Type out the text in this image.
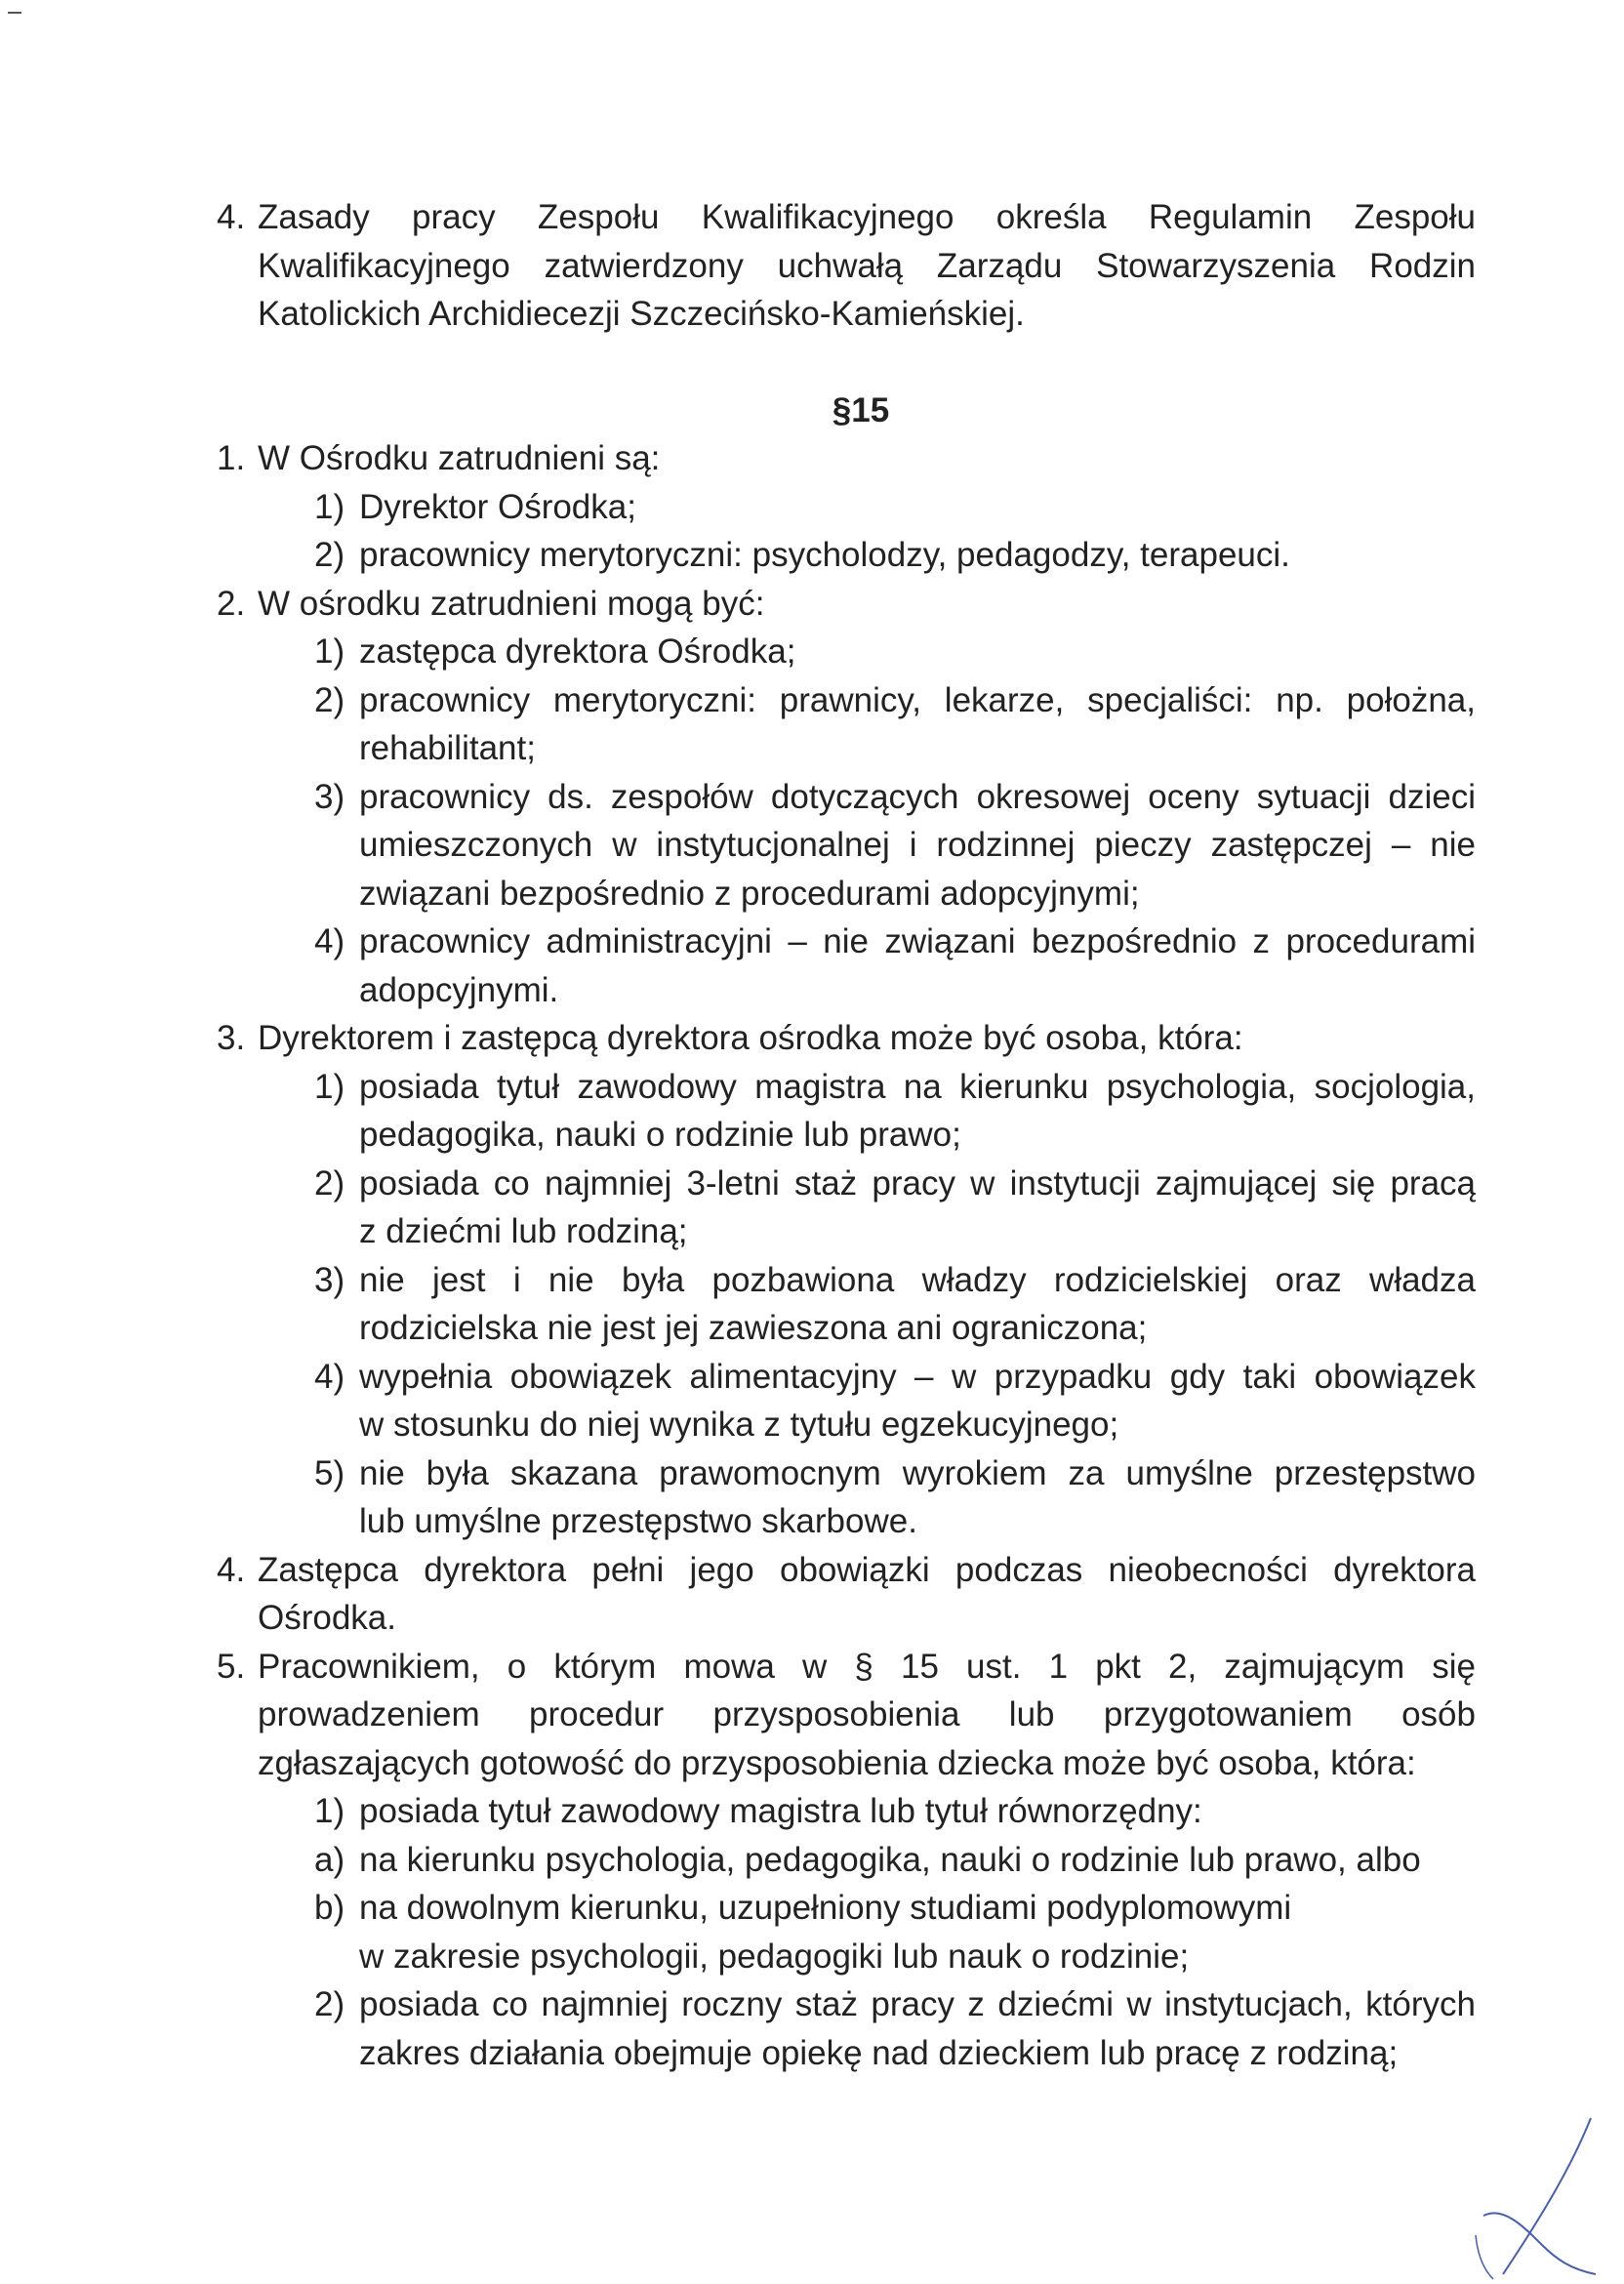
4. Zasady pracy Zespołu Kwalifikacyjnego określa Regulamin Zespołu
Kwalifikacyjnego zatwierdzony uchwałą Zarządu Stowarzyszenia Rodzin
Katolickich Archidiecezji Szczecińsko-Kamieńskiej.
§15
1. W Ośrodku zatrudnieni są:
1) Dyrektor Ośrodka;
2) pracownicy merytoryczni: psycholodzy, pedagodzy, terapeuci.
2. W ośrodku zatrudnieni mogą być:
1) zastępca dyrektora Ośrodka;
2) pracownicy merytoryczni: prawnicy, lekarze, specjaliści: np. położna,
rehabilitant;
3) pracownicy ds. zespołów dotyczących okresowej oceny sytuacji dzieci
umieszczonych w instytucjonalnej i rodzinnej pieczy zastępczej – nie
związani bezpośrednio z procedurami adopcyjnymi;
4) pracownicy administracyjni – nie związani bezpośrednio z procedurami
adopcyjnymi.
3. Dyrektorem i zastępcą dyrektora ośrodka może być osoba, która:
1) posiada tytuł zawodowy magistra na kierunku psychologia, socjologia,
pedagogika, nauki o rodzinie lub prawo;
2) posiada co najmniej 3-letni staż pracy w instytucji zajmującej się pracą
z dziećmi lub rodziną;
3) nie jest i nie była pozbawiona władzy rodzicielskiej oraz władza
rodzicielska nie jest jej zawieszona ani ograniczona;
4) wypełnia obowiązek alimentacyjny – w przypadku gdy taki obowiązek
w stosunku do niej wynika z tytułu egzekucyjnego;
5) nie była skazana prawomocnym wyrokiem za umyślne przestępstwo
lub umyślne przestępstwo skarbowe.
4. Zastępca dyrektora pełni jego obowiązki podczas nieobecności dyrektora
Ośrodka.
5. Pracownikiem, o którym mowa w § 15 ust. 1 pkt 2, zajmującym się
prowadzeniem procedur przysposobienia lub przygotowaniem osób
zgłaszających gotowość do przysposobienia dziecka może być osoba, która:
1) posiada tytuł zawodowy magistra lub tytuł równorzędny:
a) na kierunku psychologia, pedagogika, nauki o rodzinie lub prawo, albo
b) na dowolnym kierunku, uzupełniony studiami podyplomowymi
w zakresie psychologii, pedagogiki lub nauk o rodzinie;
2) posiada co najmniej roczny staż pracy z dziećmi w instytucjach, których
zakres działania obejmuje opiekę nad dzieckiem lub pracę z rodziną;
